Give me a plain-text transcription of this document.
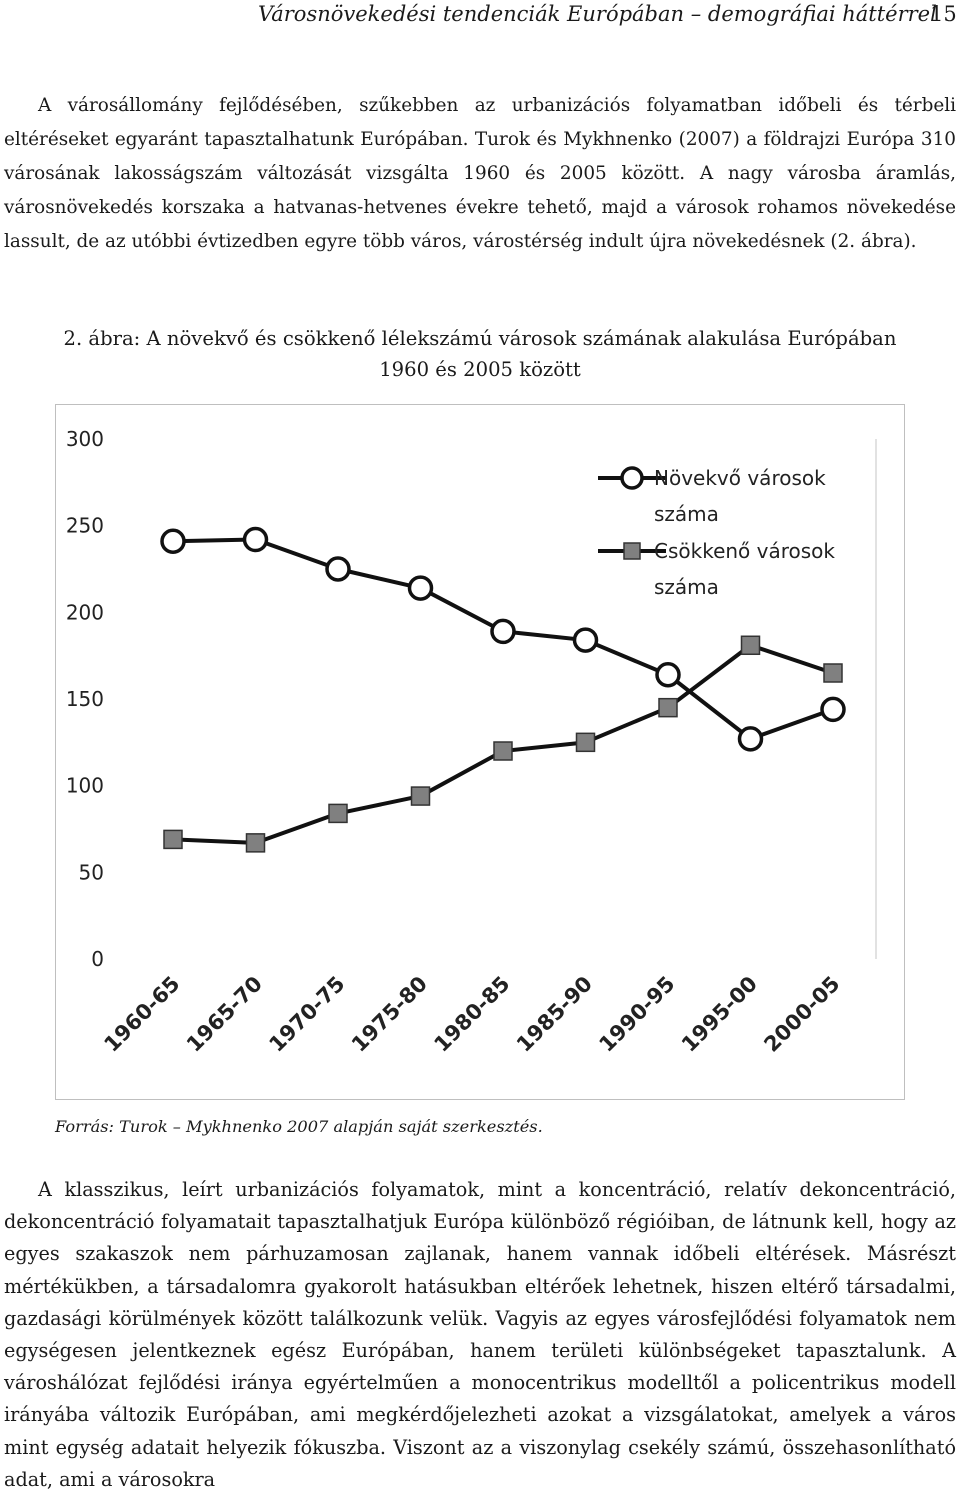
Városnövekedési tendenciák Európában – demográfiai háttérrel
15

A városállomány fejlődésében, szűkebben az urbanizációs folyamatban időbeli és térbeli eltéréseket egyaránt tapasztalhatunk Európában. Turok és Mykhnenko (2007) a földrajzi Európa 310 városának lakosságszám változását vizsgálta 1960 és 2005 között. A nagy városba áramlás, városnövekedés korszaka a hatvanas-hetvenes évekre tehető, majd a városok rohamos növekedése lassult, de az utóbbi évtizedben egyre több város, várostérség indult újra növekedésnek (2. ábra).

2. ábra: A növekvő és csökkenő lélekszámú városok számának alakulása Európában
1960 és 2005 között
0
50
100
150
200
250
300
1960-65
1965-70
1970-75
1975-80
1980-85
1985-90
1990-95
1995-00
2000-05
Növekvő városok
száma
Csökkenő városok
száma
Forrás: Turok – Mykhnenko 2007 alapján saját szerkesztés.

A klasszikus, leírt urbanizációs folyamatok, mint a koncentráció, relatív dekoncentráció, dekoncentráció folyamatait tapasztalhatjuk Európa különböző régióiban, de látnunk kell, hogy az egyes szakaszok nem párhuzamosan zajlanak, hanem vannak időbeli eltérések. Másrészt mértékükben, a társadalomra gyakorolt hatásukban eltérőek lehetnek, hiszen eltérő társadalmi, gazdasági körülmények között találkozunk velük. Vagyis az egyes városfejlődési folyamatok nem egységesen jelentkeznek egész Európában, hanem területi különbségeket tapasztalunk. A városhálózat fejlődési iránya egyértelműen a monocentrikus modelltől a policentrikus modell irányába változik Európában, ami megkérdőjelezheti azokat a vizsgálatokat, amelyek a város mint egység adatait helyezik fókuszba. Viszont az a viszonylag csekély számú, összehasonlítható adat, ami a városokra
